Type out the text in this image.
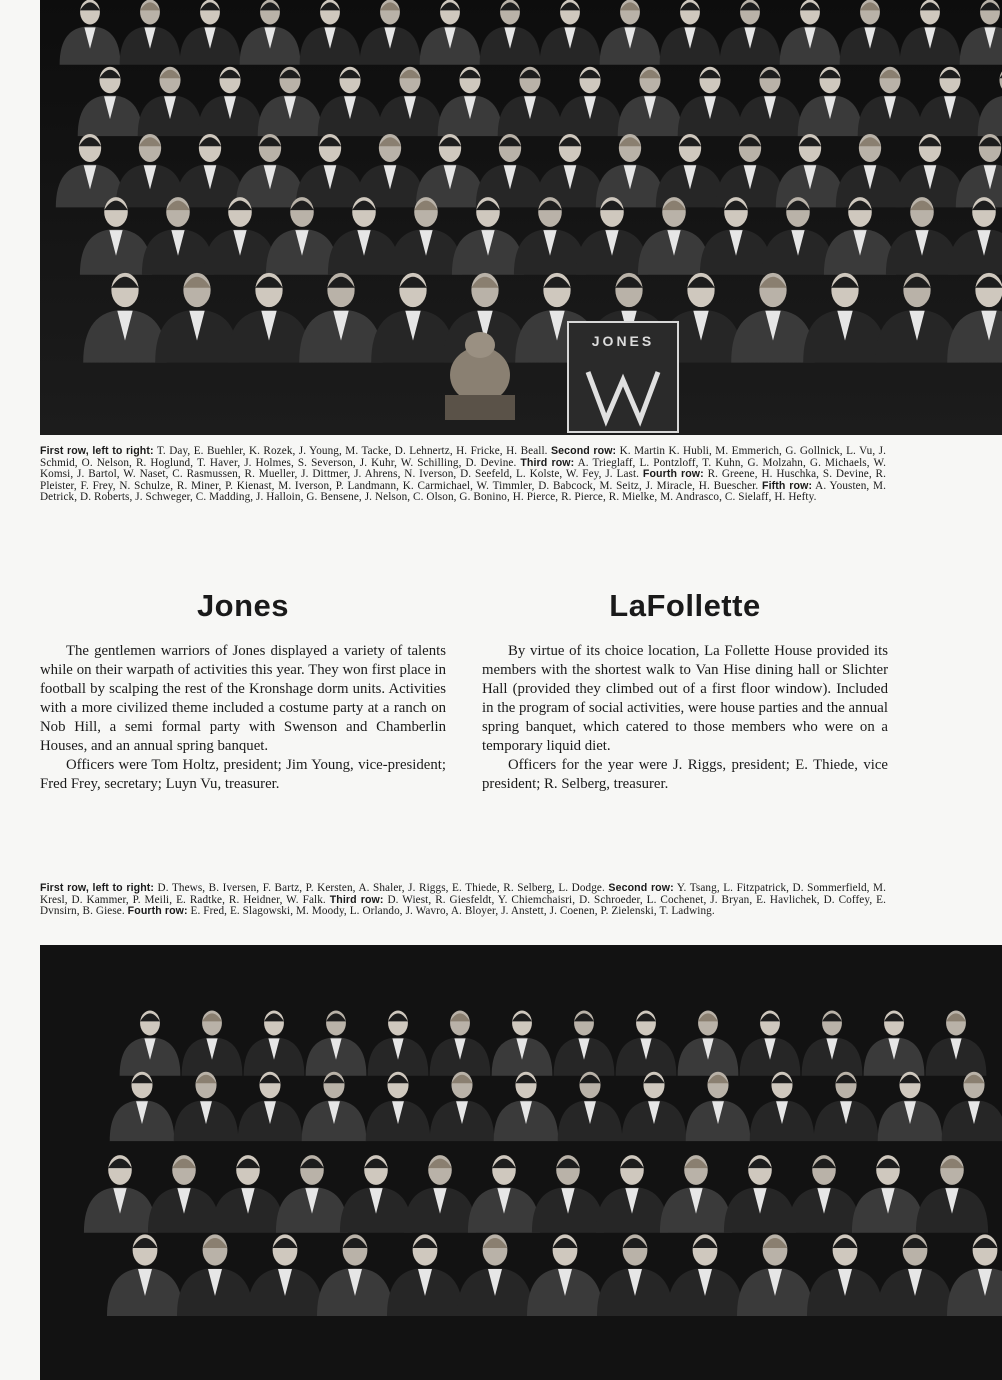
JONES
First row, left to right: T. Day, E. Buehler, K. Rozek, J. Young, M. Tacke, D. Lehnertz, H. Fricke, H. Beall. Second row: K. Martin K. Hubli, M. Emmerich, G. Gollnick, L. Vu, J. Schmid, O. Nelson, R. Hoglund, T. Haver, J. Holmes, S. Severson, J. Kuhr, W. Schilling, D. Devine. Third row: A. Trieglaff, L. Pontzloff, T. Kuhn, G. Molzahn, G. Michaels, W. Komsi, J. Bartol, W. Naset, C. Rasmussen, R. Mueller, J. Dittmer, J. Ahrens, N. Iverson, D. Seefeld, L. Kolste, W. Fey, J. Last. Fourth row: R. Greene, H. Huschka, S. Devine, R. Pleister, F. Frey, N. Schulze, R. Miner, P. Kienast, M. Iverson, P. Landmann, K. Carmichael, W. Timmler, D. Babcock, M. Seitz, J. Miracle, H. Buescher. Fifth row: A. Yousten, M. Detrick, D. Roberts, J. Schweger, C. Madding, J. Halloin, G. Bensene, J. Nelson, C. Olson, G. Bonino, H. Pierce, R. Pierce, R. Mielke, M. Andrasco, C. Sielaff, H. Hefty.
Jones

The gentlemen warriors of Jones displayed a variety of talents while on their warpath of activities this year. They won first place in football by scalping the rest of the Kronshage dorm units. Activities with a more civilized theme included a costume party at a ranch on Nob Hill, a semi formal party with Swenson and Chamberlin Houses, and an annual spring banquet.

Officers were Tom Holtz, president; Jim Young, vice-president; Fred Frey, secretary; Luyn Vu, treasurer.

LaFollette

By virtue of its choice location, La Follette House provided its members with the shortest walk to Van Hise dining hall or Slichter Hall (provided they climbed out of a first floor window). Included in the program of social activities, were house parties and the annual spring banquet, which catered to those members who were on a temporary liquid diet.

Officers for the year were J. Riggs, president; E. Thiede, vice president; R. Selberg, treasurer.

First row, left to right: D. Thews, B. Iversen, F. Bartz, P. Kersten, A. Shaler, J. Riggs, E. Thiede, R. Selberg, L. Dodge. Second row: Y. Tsang, L. Fitzpatrick, D. Sommerfield, M. Kresl, D. Kammer, P. Meili, E. Radtke, R. Heidner, W. Falk. Third row: D. Wiest, R. Giesfeldt, Y. Chiemchaisri, D. Schroeder, L. Cochenet, J. Bryan, E. Havlichek, D. Coffey, E. Dvnsirn, B. Giese. Fourth row: E. Fred, E. Slagowski, M. Moody, L. Orlando, J. Wavro, A. Bloyer, J. Anstett, J. Coenen, P. Zielenski, T. Ladwing.
